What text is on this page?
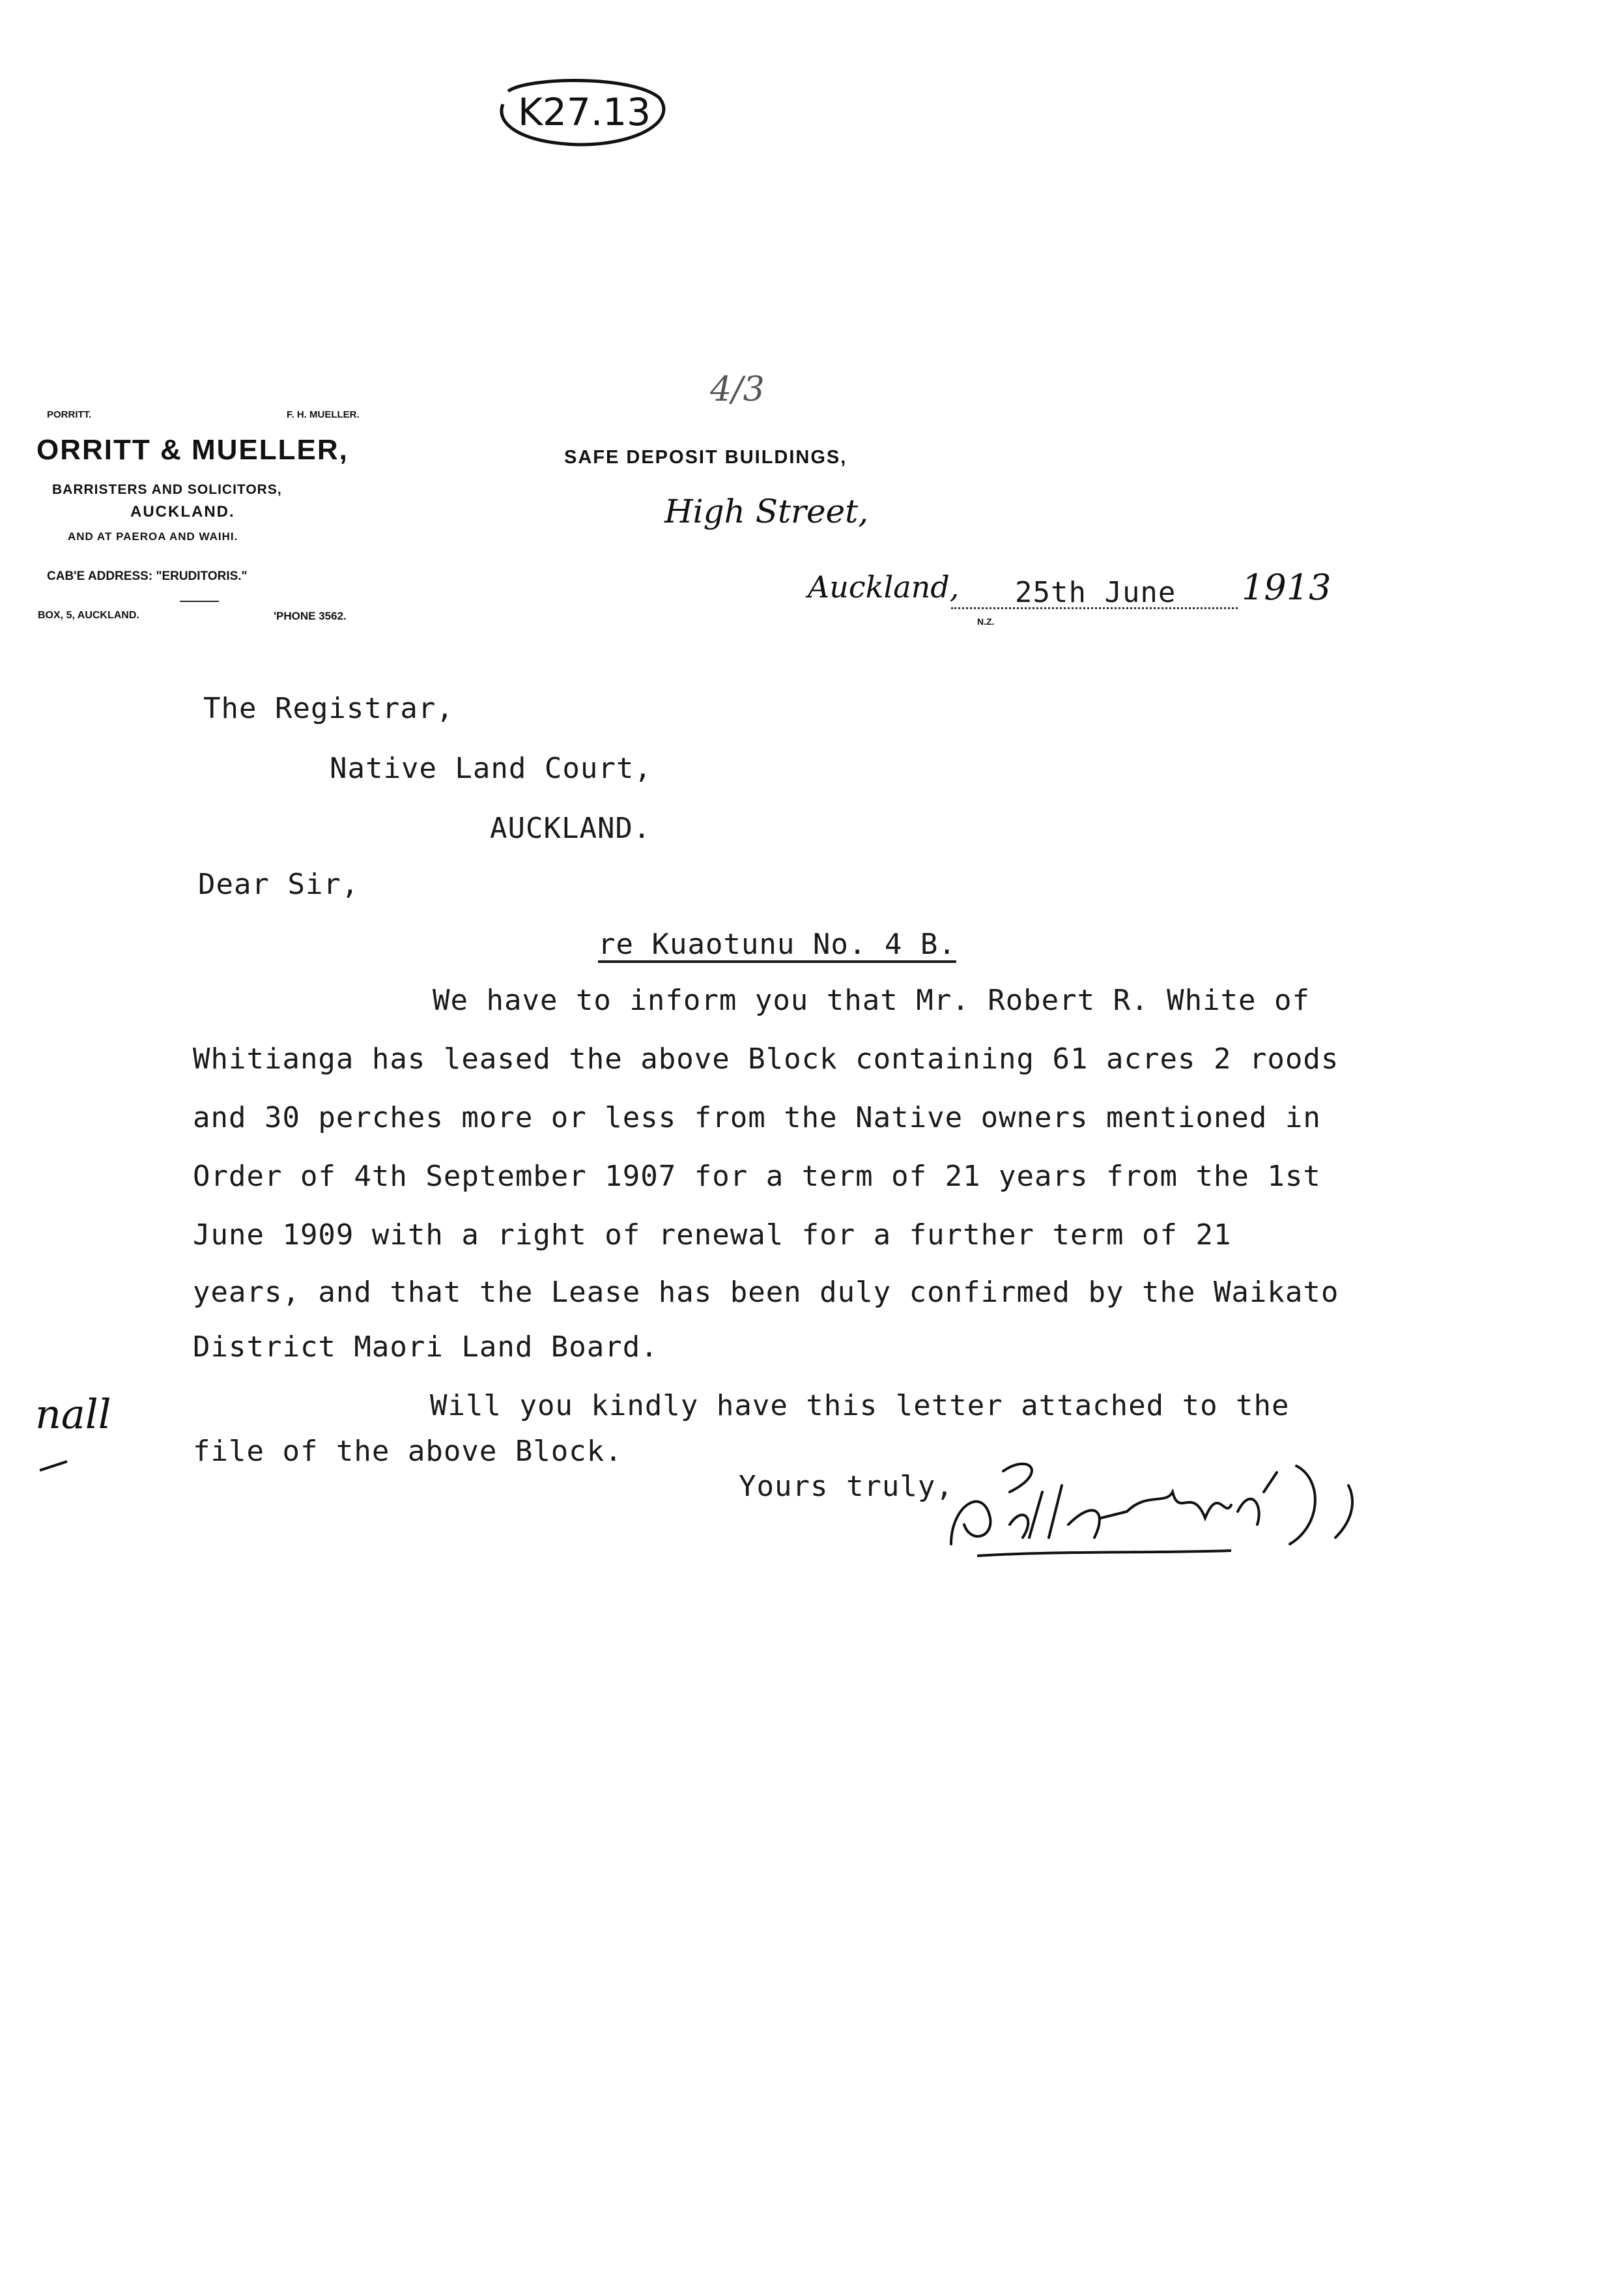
K27.13
PORRITT.	F. H. MUELLER.
ORRITT & MUELLER,
BARRISTERS AND SOLICITORS,
AUCKLAND.
AND AT PAEROA AND WAIHI.
CAB'E ADDRESS: "ERUDITORIS."
BOX, 5, AUCKLAND.	'PHONE 3562.
4/3
SAFE DEPOSIT BUILDINGS,
High Street,
Auckland, 25th June 1913
N.Z.
The Registrar,
Native Land Court,
AUCKLAND.
Dear Sir,
re Kuaotunu No. 4 B.
We have to inform you that Mr. Robert R. White of
Whitianga has leased the above Block containing 61 acres 2 roods
and 30 perches more or less from the Native owners mentioned in
Order of 4th September 1907 for a term of 21 years from the 1st
June 1909 with a right of renewal for a further term of 21
years, and that the Lease has been duly confirmed by the Waikato
District Maori Land Board.
Will you kindly have this letter attached to the
file of the above Block.
nall
Yours truly,
